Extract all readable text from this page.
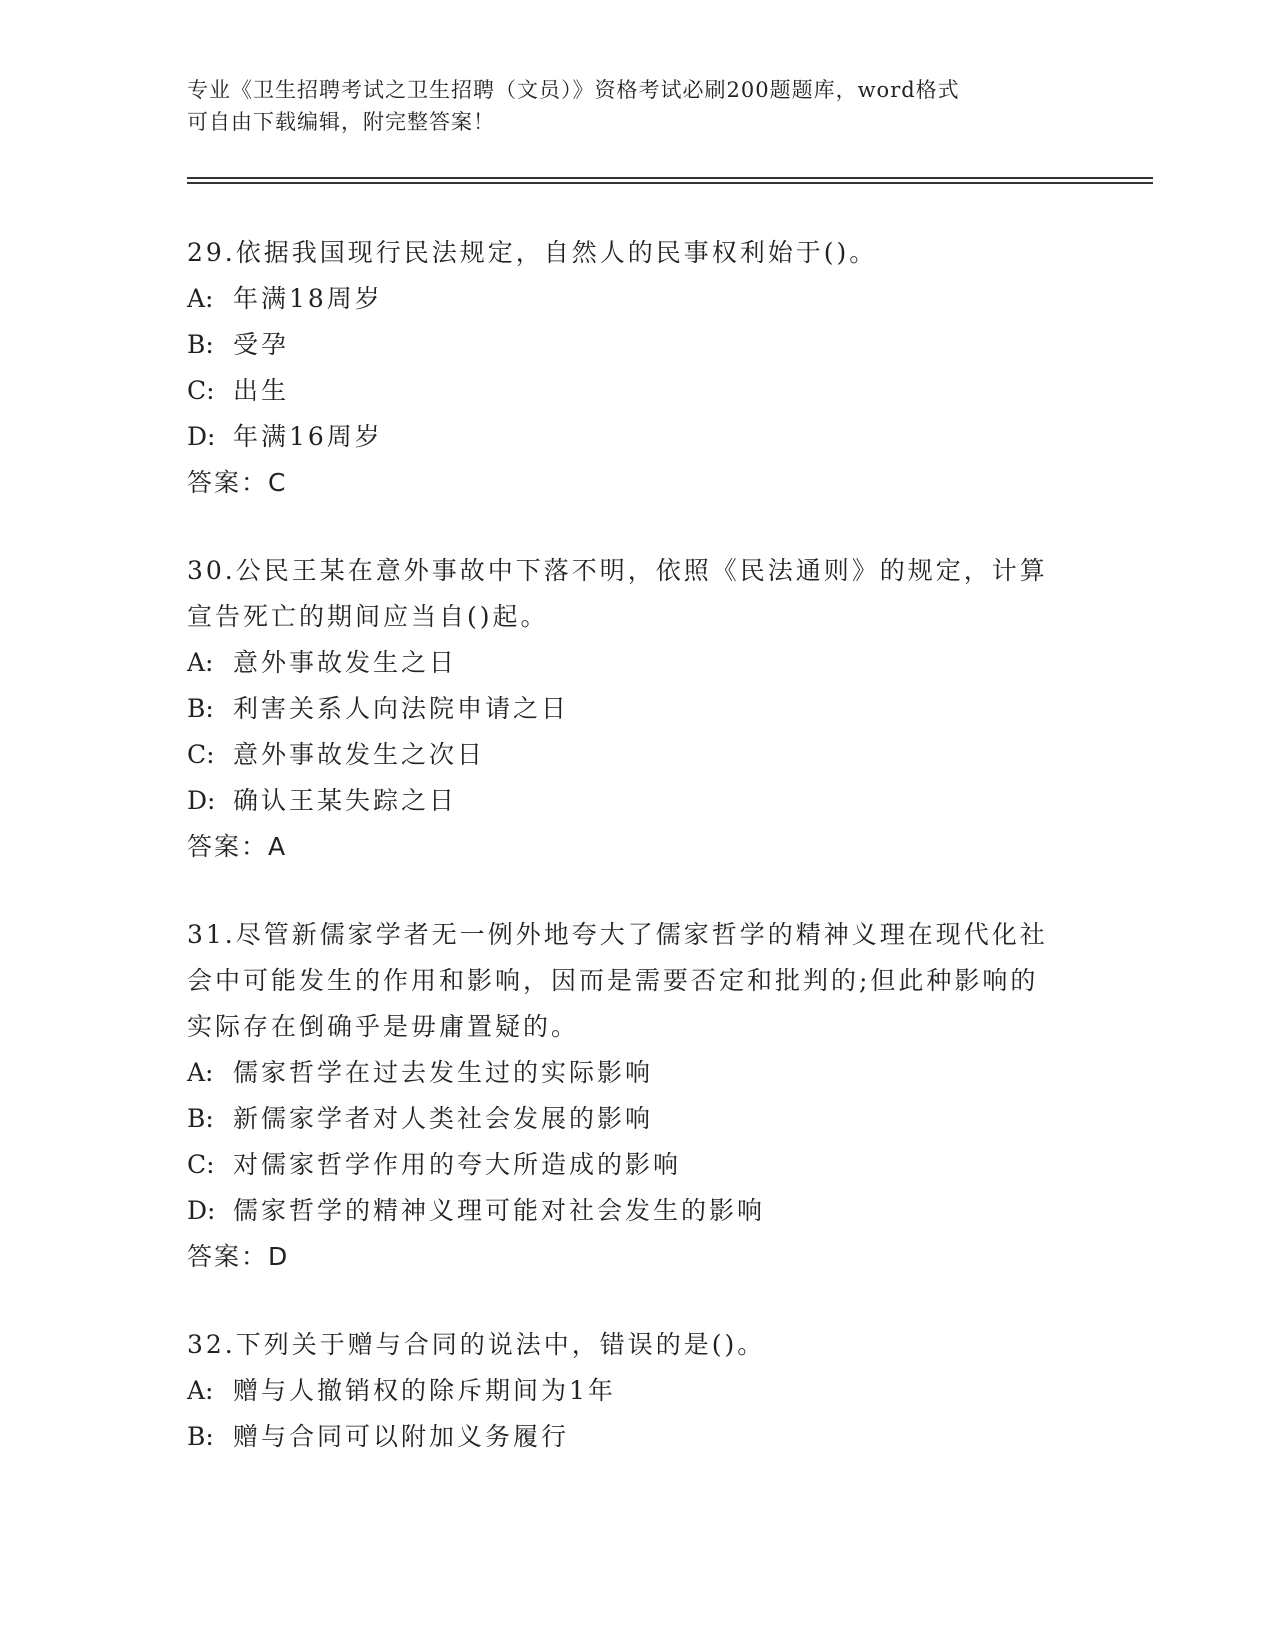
专业《卫生招聘考试之卫生招聘（文员）》资格考试必刷200题题库，word格式

可自由下载编辑，附完整答案！

29.依据我国现行民法规定，自然人的民事权利始于()。

A: 年满18周岁

B: 受孕

C: 出生

D: 年满16周岁

答案：C

30.公民王某在意外事故中下落不明，依照《民法通则》的规定，计算

宣告死亡的期间应当自()起。

A: 意外事故发生之日

B: 利害关系人向法院申请之日

C: 意外事故发生之次日

D: 确认王某失踪之日

答案：A

31.尽管新儒家学者无一例外地夸大了儒家哲学的精神义理在现代化社

会中可能发生的作用和影响，因而是需要否定和批判的;但此种影响的

实际存在倒确乎是毋庸置疑的。

A: 儒家哲学在过去发生过的实际影响

B: 新儒家学者对人类社会发展的影响

C: 对儒家哲学作用的夸大所造成的影响

D: 儒家哲学的精神义理可能对社会发生的影响

答案：D

32.下列关于赠与合同的说法中，错误的是()。

A: 赠与人撤销权的除斥期间为1年

B: 赠与合同可以附加义务履行
